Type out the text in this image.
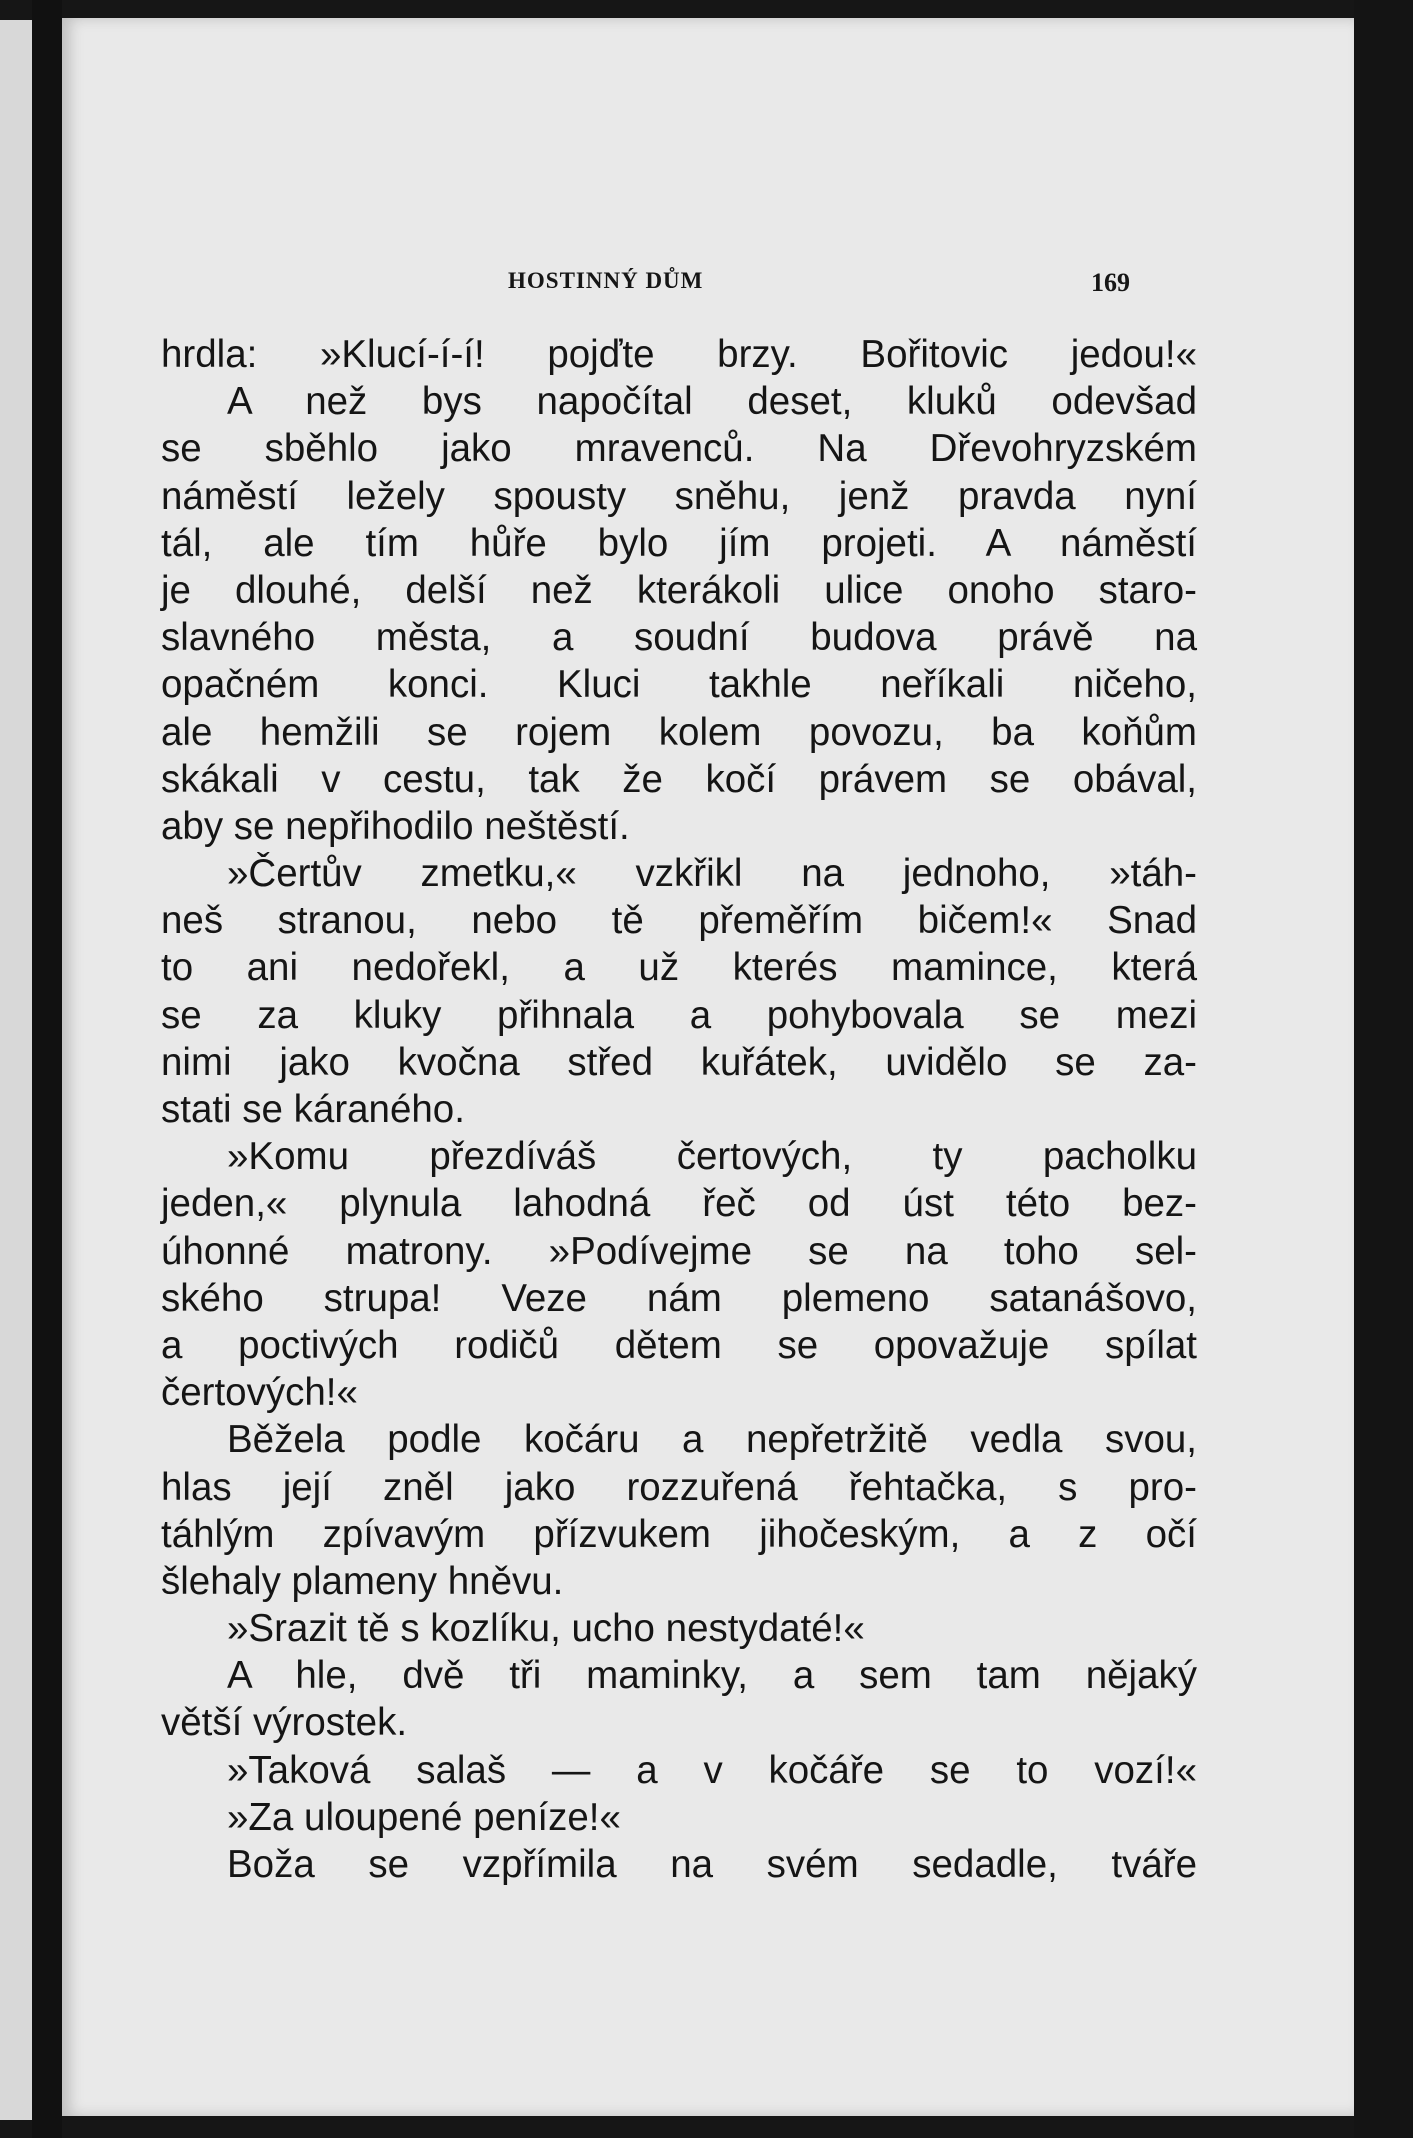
HOSTINNÝ DŮM	169
hrdla: »Klucí-í-í! pojďte brzy. Bořitovic jedou!«
A než bys napočítal deset, kluků odevšad
se sběhlo jako mravenců. Na Dřevohryzském
náměstí ležely spousty sněhu, jenž pravda nyní
tál, ale tím hůře bylo jím projeti. A náměstí
je dlouhé, delší než kterákoli ulice onoho staro-
slavného města, a soudní budova právě na
opačném konci. Kluci takhle neříkali ničeho,
ale hemžili se rojem kolem povozu, ba koňům
skákali v cestu, tak že kočí právem se obával,
aby se nepřihodilo neštěstí.
»Čertův zmetku,« vzkřikl na jednoho, »táh-
neš stranou, nebo tě přeměřím bičem!« Snad
to ani nedořekl, a už kterés mamince, která
se za kluky přihnala a pohybovala se mezi
nimi jako kvočna střed kuřátek, uvidělo se za-
stati se káraného.
»Komu přezdíváš čertových, ty pacholku
jeden,« plynula lahodná řeč od úst této bez-
úhonné matrony. »Podívejme se na toho sel-
ského strupa! Veze nám plemeno satanášovo,
a poctivých rodičů dětem se opovažuje spílat
čertových!«
Běžela podle kočáru a nepřetržitě vedla svou,
hlas její zněl jako rozzuřená řehtačka, s pro-
táhlým zpívavým přízvukem jihočeským, a z očí
šlehaly plameny hněvu.
»Srazit tě s kozlíku, ucho nestydaté!«
A hle, dvě tři maminky, a sem tam nějaký
větší výrostek.
»Taková salaš — a v kočáře se to vozí!«
»Za uloupené peníze!«
Boža se vzpřímila na svém sedadle, tváře
